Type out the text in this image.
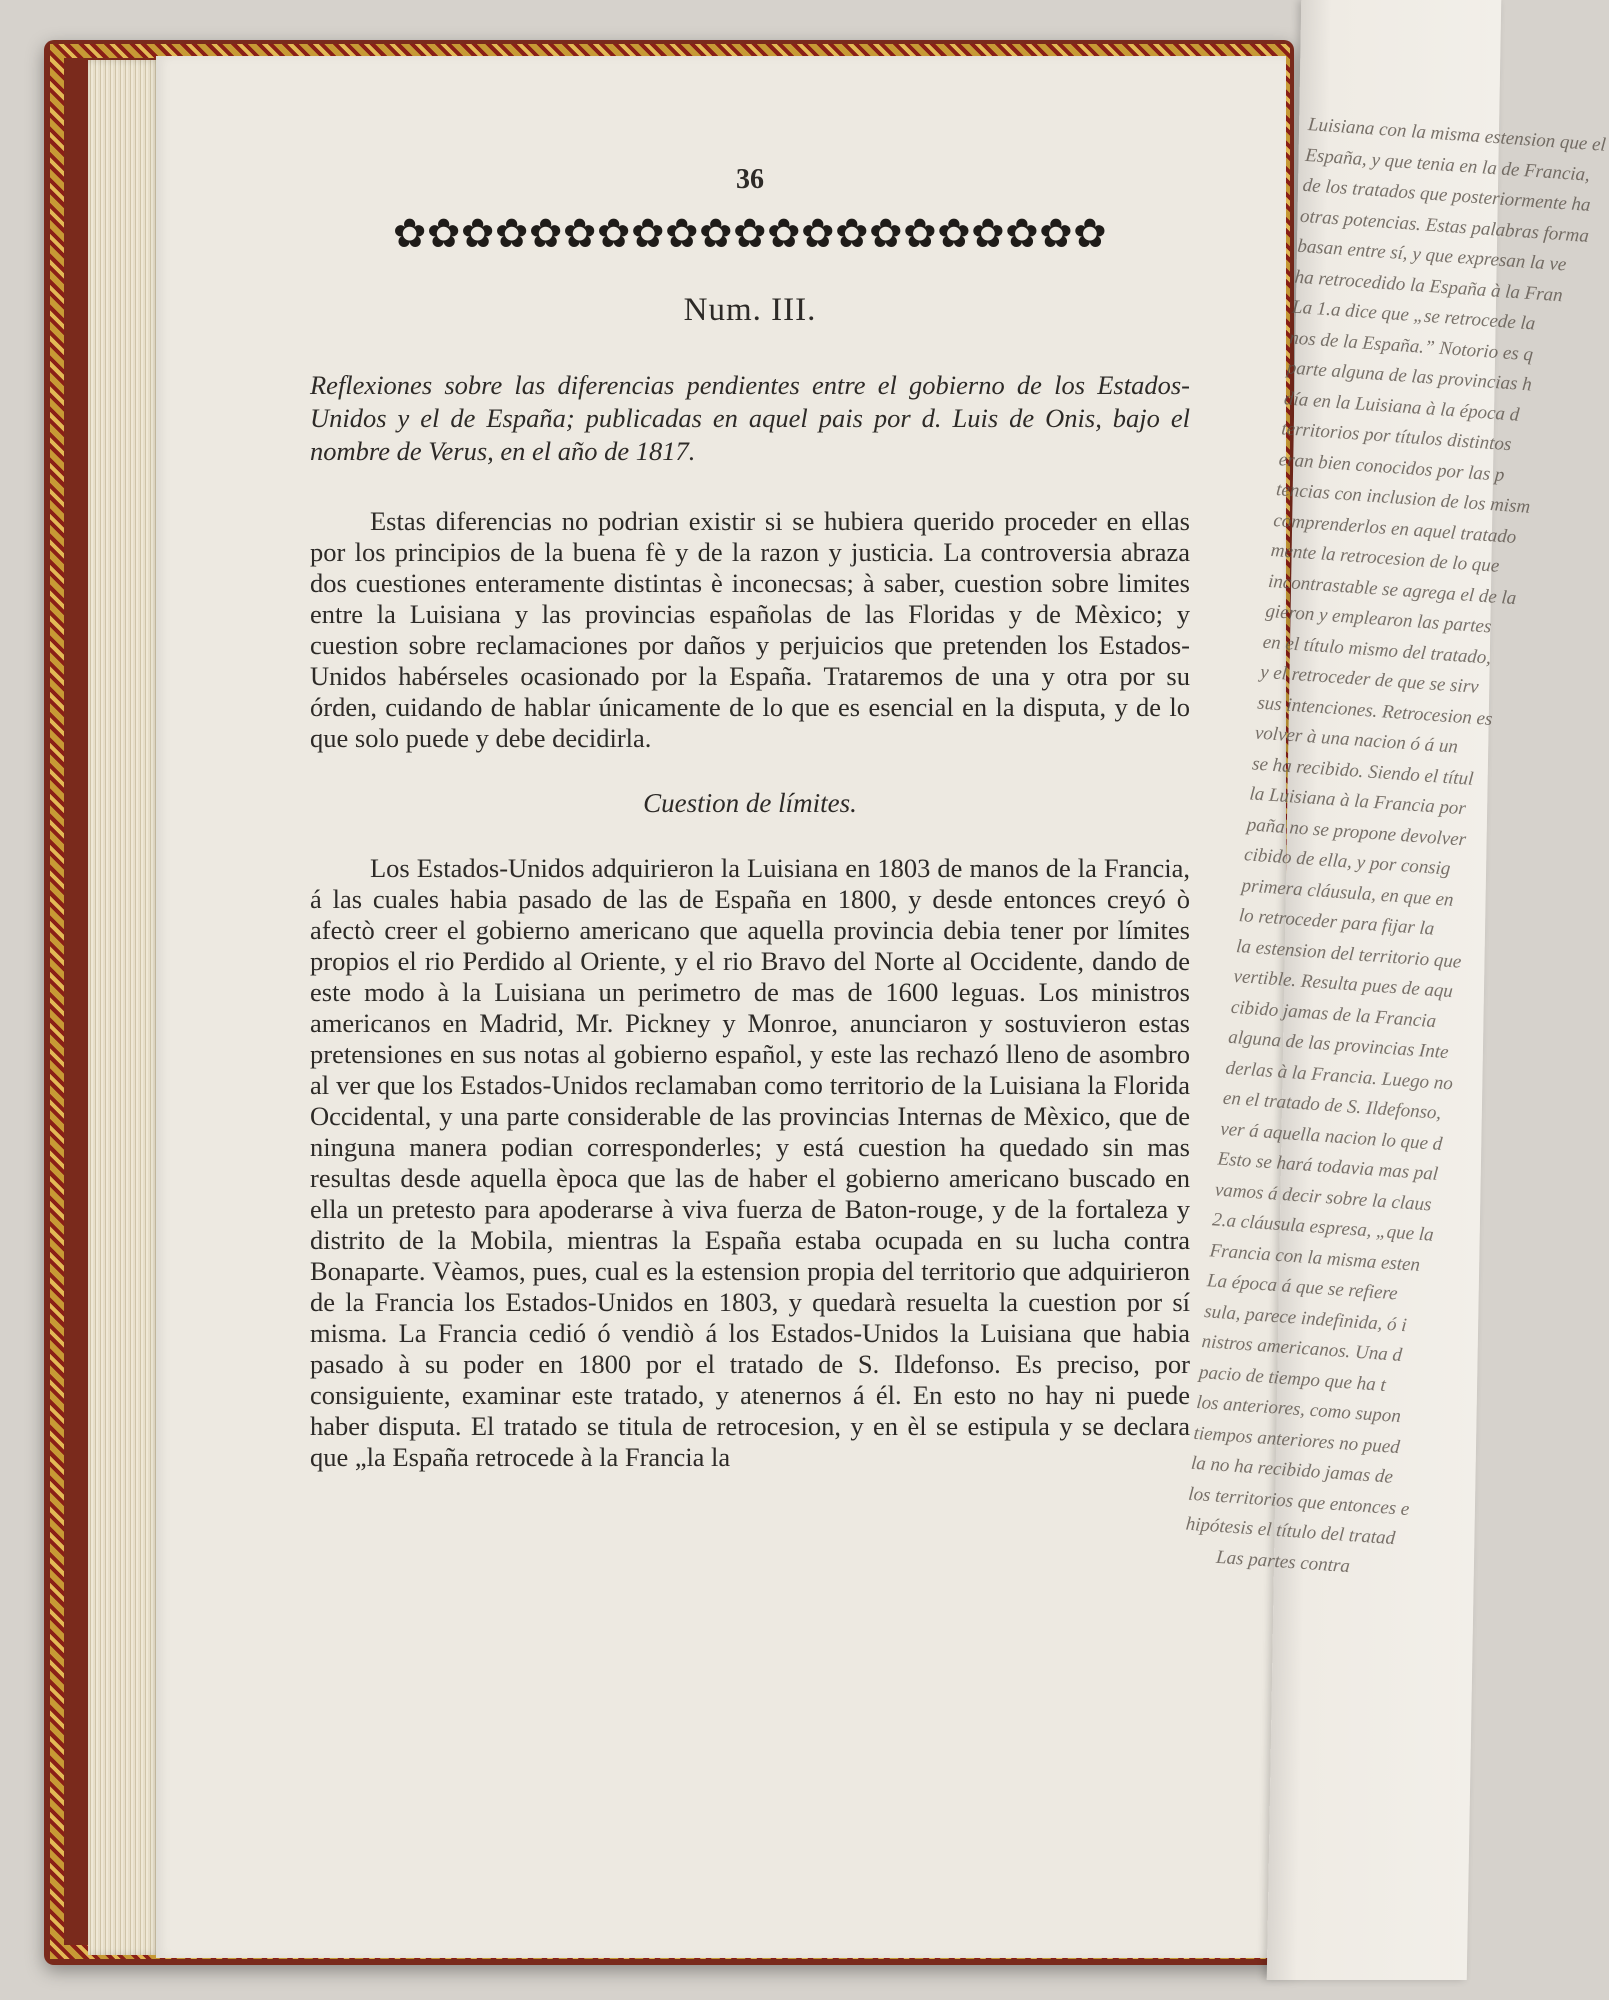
Luisiana con la misma estension que el
España, y que tenia en la de Francia,
de los tratados que posteriormente ha
otras potencias. Estas palabras forma
basan entre sí, y que expresan la ve
ha retrocedido la España à la Fran
La 1.a dice que „se retrocede la
nos de la España.” Notorio es q
parte alguna de las provincias h
día en la Luisiana à la época d
territorios por títulos distintos
eran bien conocidos por las p
tencias con inclusion de los mism
comprenderlos en aquel tratado
mente la retrocesion de lo que
incontrastable se agrega el de la
gieron y emplearon las partes
en el título mismo del tratado,
y el retroceder de que se sirv
sus intenciones. Retrocesion es
volver à una nacion ó á un
se ha recibido. Siendo el títul
la Luisiana à la Francia por
paña no se propone devolver
cibido de ella, y por consig
primera cláusula, en que en
lo retroceder para fijar la
la estension del territorio que
vertible. Resulta pues de aqu
cibido jamas de la Francia
alguna de las provincias Inte
derlas à la Francia. Luego no
en el tratado de S. Ildefonso,
ver á aquella nacion lo que d
Esto se hará todavia mas pal
vamos á decir sobre la claus
2.a cláusula espresa, „que la
Francia con la misma esten
La época á que se refiere
sula, parece indefinida, ó i
nistros americanos. Una d
pacio de tiempo que ha t
los anteriores, como supon
tiempos anteriores no pued
la no ha recibido jamas de
los territorios que entonces e
hipótesis el título del tratad
Las partes contra
36
✿✿✿✿✿✿✿✿✿✿✿✿✿✿✿✿✿✿✿✿✿
Num. III.

Reflexiones sobre las diferencias pendientes entre el gobierno de los Estados-Unidos y el de España; publicadas en aquel pais por d. Luis de Onis, bajo el nombre de Verus, en el año de 1817.

Estas diferencias no podrian existir si se hubiera querido proceder en ellas por los principios de la buena fè y de la razon y justicia. La controversia abraza dos cuestiones enteramente distintas è inconecsas; à saber, cuestion sobre limites entre la Luisiana y las provincias españolas de las Floridas y de Mèxico; y cuestion sobre reclamaciones por daños y perjuicios que pretenden los Estados-Unidos habérseles ocasionado por la España. Trataremos de una y otra por su órden, cuidando de hablar únicamente de lo que es esencial en la disputa, y de lo que solo puede y debe decidirla.

Cuestion de límites.

Los Estados-Unidos adquirieron la Luisiana en 1803 de manos de la Francia, á las cuales habia pasado de las de España en 1800, y desde entonces creyó ò afectò creer el gobierno americano que aquella provincia debia tener por límites propios el rio Perdido al Oriente, y el rio Bravo del Norte al Occidente, dando de este modo à la Luisiana un perimetro de mas de 1600 leguas. Los ministros americanos en Madrid, Mr. Pickney y Monroe, anunciaron y sostuvieron estas pretensiones en sus notas al gobierno español, y este las rechazó lleno de asombro al ver que los Estados-Unidos reclamaban como territorio de la Luisiana la Florida Occidental, y una parte considerable de las provincias Internas de Mèxico, que de ninguna manera podian corresponderles; y está cuestion ha quedado sin mas resultas desde aquella època que las de haber el gobierno americano buscado en ella un pretesto para apoderarse à viva fuerza de Baton-rouge, y de la fortaleza y distrito de la Mobila, mientras la España estaba ocupada en su lucha contra Bonaparte. Vèamos, pues, cual es la estension propia del territorio que adquirieron de la Francia los Estados-Unidos en 1803, y quedarà resuelta la cuestion por sí misma. La Francia cedió ó vendiò á los Estados-Unidos la Luisiana que habia pasado à su poder en 1800 por el tratado de S. Ildefonso. Es preciso, por consiguiente, examinar este tratado, y atenernos á él. En esto no hay ni puede haber disputa. El tratado se titula de retrocesion, y en èl se estipula y se declara que „la España retrocede à la Francia la
